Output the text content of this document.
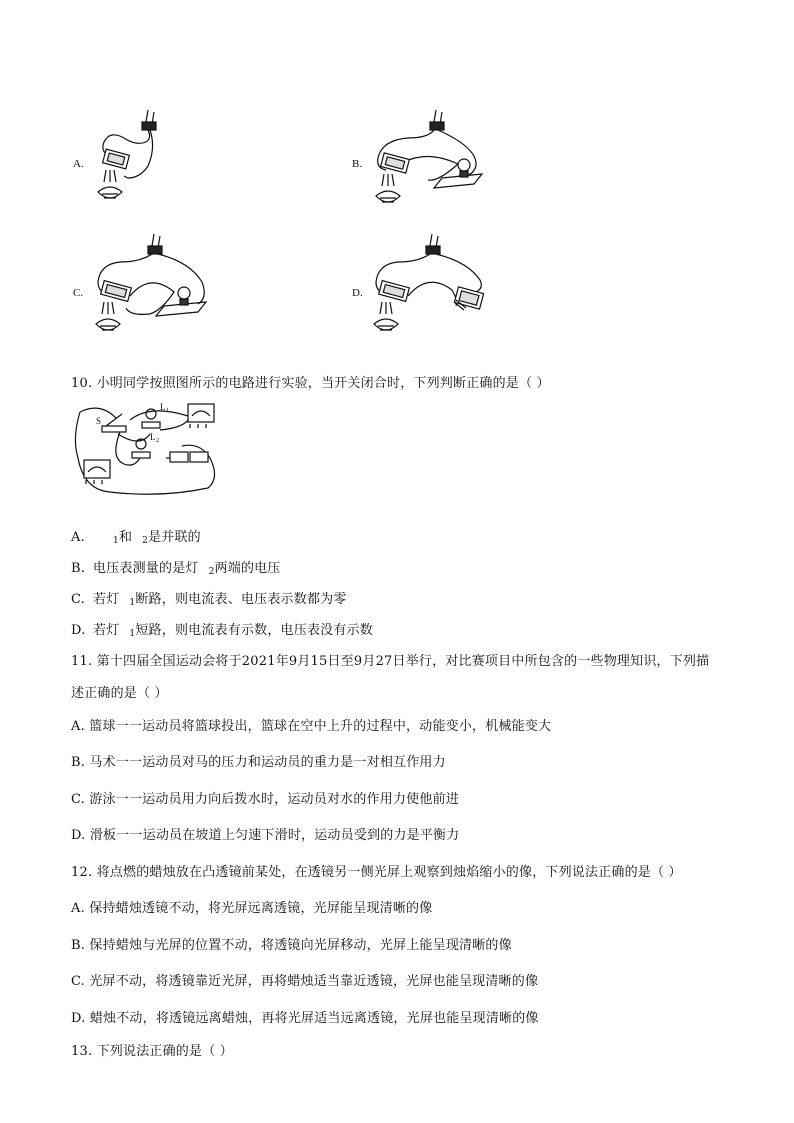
A.	B.
C.	D.
10. 小明同学按照图所示的电路进行实验，当开关闭合时，下列判断正确的是（ ）
S
L 1
L 2
A.	$_1$和 $_2$是并联的
B. 电压表测量的是灯 $_2$两端的电压
C. 若灯 $_1$断路，则电流表、电压表示数都为零
D. 若灯 $_1$短路，则电流表有示数，电压表没有示数
11. 第十四届全国运动会将于2021年9月15日至9月27日举行，对比赛项目中所包含的一些物理知识，下列描
述正确的是（ ）
A. 篮球一一运动员将篮球投出，篮球在空中上升的过程中，动能变小，机械能变大
B. 马术一一运动员对马的压力和运动员的重力是一对相互作用力
C. 游泳一一运动员用力向后拨水时，运动员对水的作用力使他前进
D. 滑板一一运动员在坡道上匀速下滑时，运动员受到的力是平衡力
12. 将点燃的蜡烛放在凸透镜前某处，在透镜另一侧光屏上观察到烛焰缩小的像，下列说法正确的是（ ）
A. 保持蜡烛透镜不动，将光屏远离透镜，光屏能呈现清晰的像
B. 保持蜡烛与光屏的位置不动，将透镜向光屏移动，光屏上能呈现清晰的像
C. 光屏不动，将透镜靠近光屏，再将蜡烛适当靠近透镜，光屏也能呈现清晰的像
D. 蜡烛不动，将透镜远离蜡烛，再将光屏适当远离透镜，光屏也能呈现清晰的像
13. 下列说法正确的是（ ）
